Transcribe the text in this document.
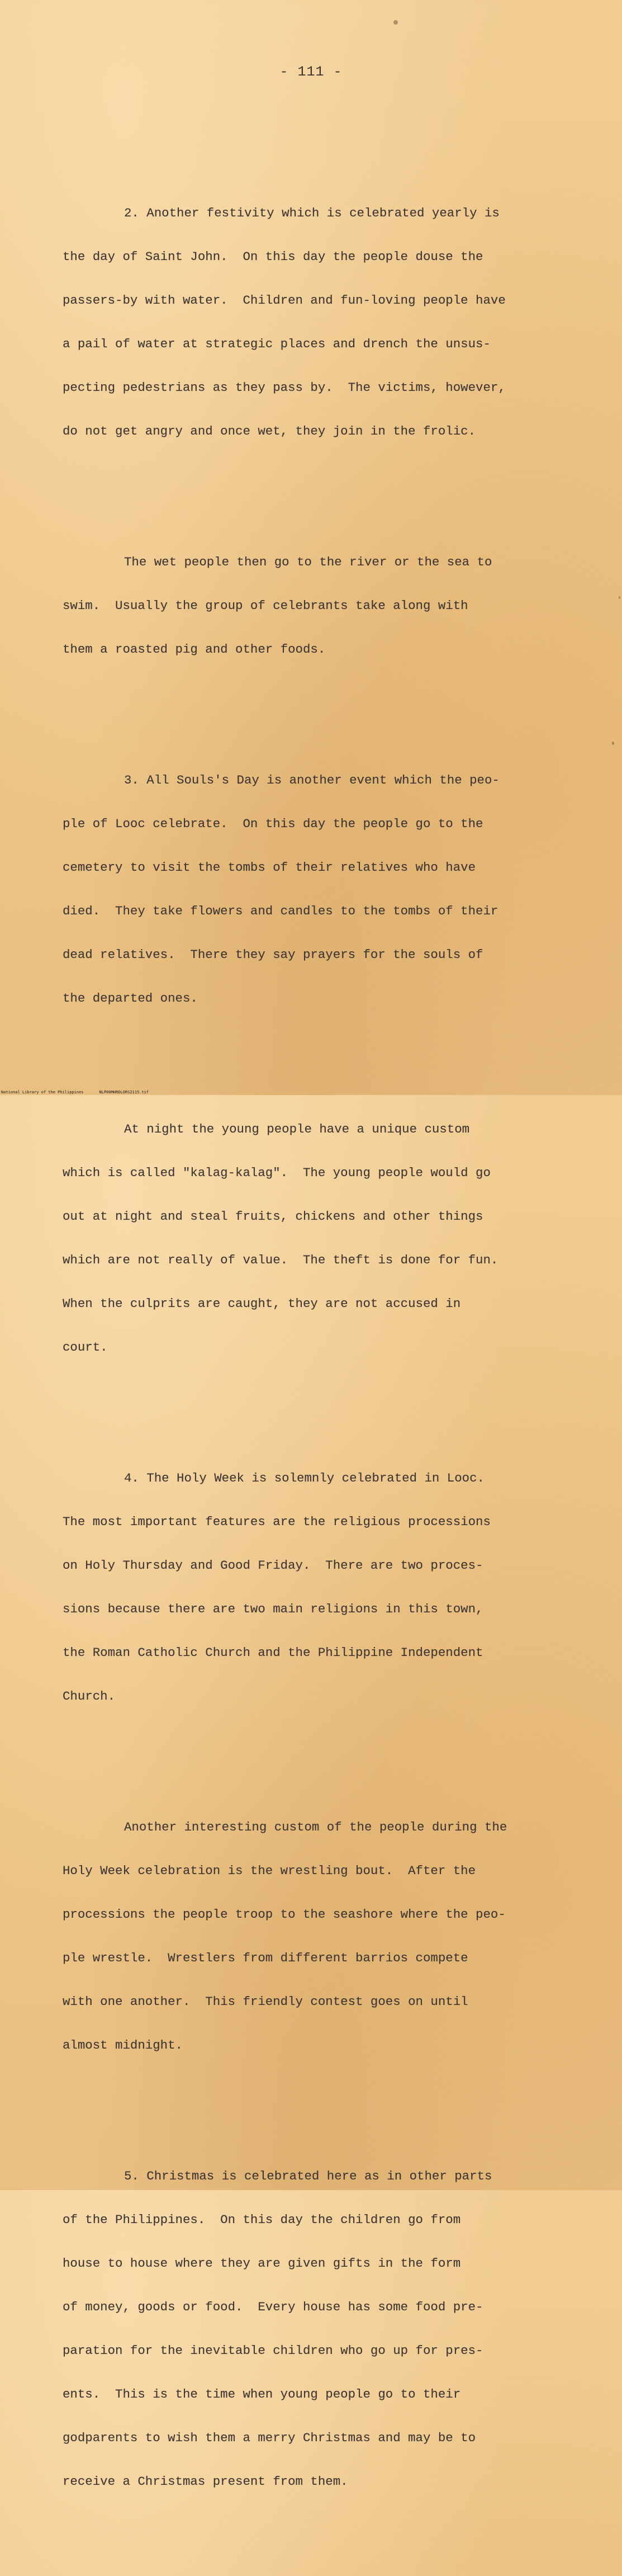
- 111 -

2. Another festivity which is celebrated yearly is

the day of Saint John.  On this day the people douse the

passers-by with water.  Children and fun-loving people have

a pail of water at strategic places and drench the unsus-

pecting pedestrians as they pass by.  The victims, however,

do not get angry and once wet, they join in the frolic.

The wet people then go to the river or the sea to

swim.  Usually the group of celebrants take along with

them a roasted pig and other foods.

3. All Souls's Day is another event which the peo-

ple of Looc celebrate.  On this day the people go to the

cemetery to visit the tombs of their relatives who have

died.  They take flowers and candles to the tombs of their

dead relatives.  There they say prayers for the souls of

the departed ones.

At night the young people have a unique custom

which is called "kalag-kalag".  The young people would go

out at night and steal fruits, chickens and other things

which are not really of value.  The theft is done for fun.

When the culprits are caught, they are not accused in

court.

4. The Holy Week is solemnly celebrated in Looc.

The most important features are the religious processions

on Holy Thursday and Good Friday.  There are two proces-

sions because there are two main religions in this town,

the Roman Catholic Church and the Philippine Independent

Church.

Another interesting custom of the people during the

Holy Week celebration is the wrestling bout.  After the

processions the people troop to the seashore where the peo-

ple wrestle.  Wrestlers from different barrios compete

with one another.  This friendly contest goes on until

almost midnight.

5. Christmas is celebrated here as in other parts

of the Philippines.  On this day the children go from

house to house where they are given gifts in the form

of money, goods or food.  Every house has some food pre-

paration for the inevitable children who go up for pres-

ents.  This is the time when young people go to their

godparents to wish them a merry Christmas and may be to

receive a Christmas present from them.

National Library of the Philippines	NLP00MHRDLORS2115.tif
